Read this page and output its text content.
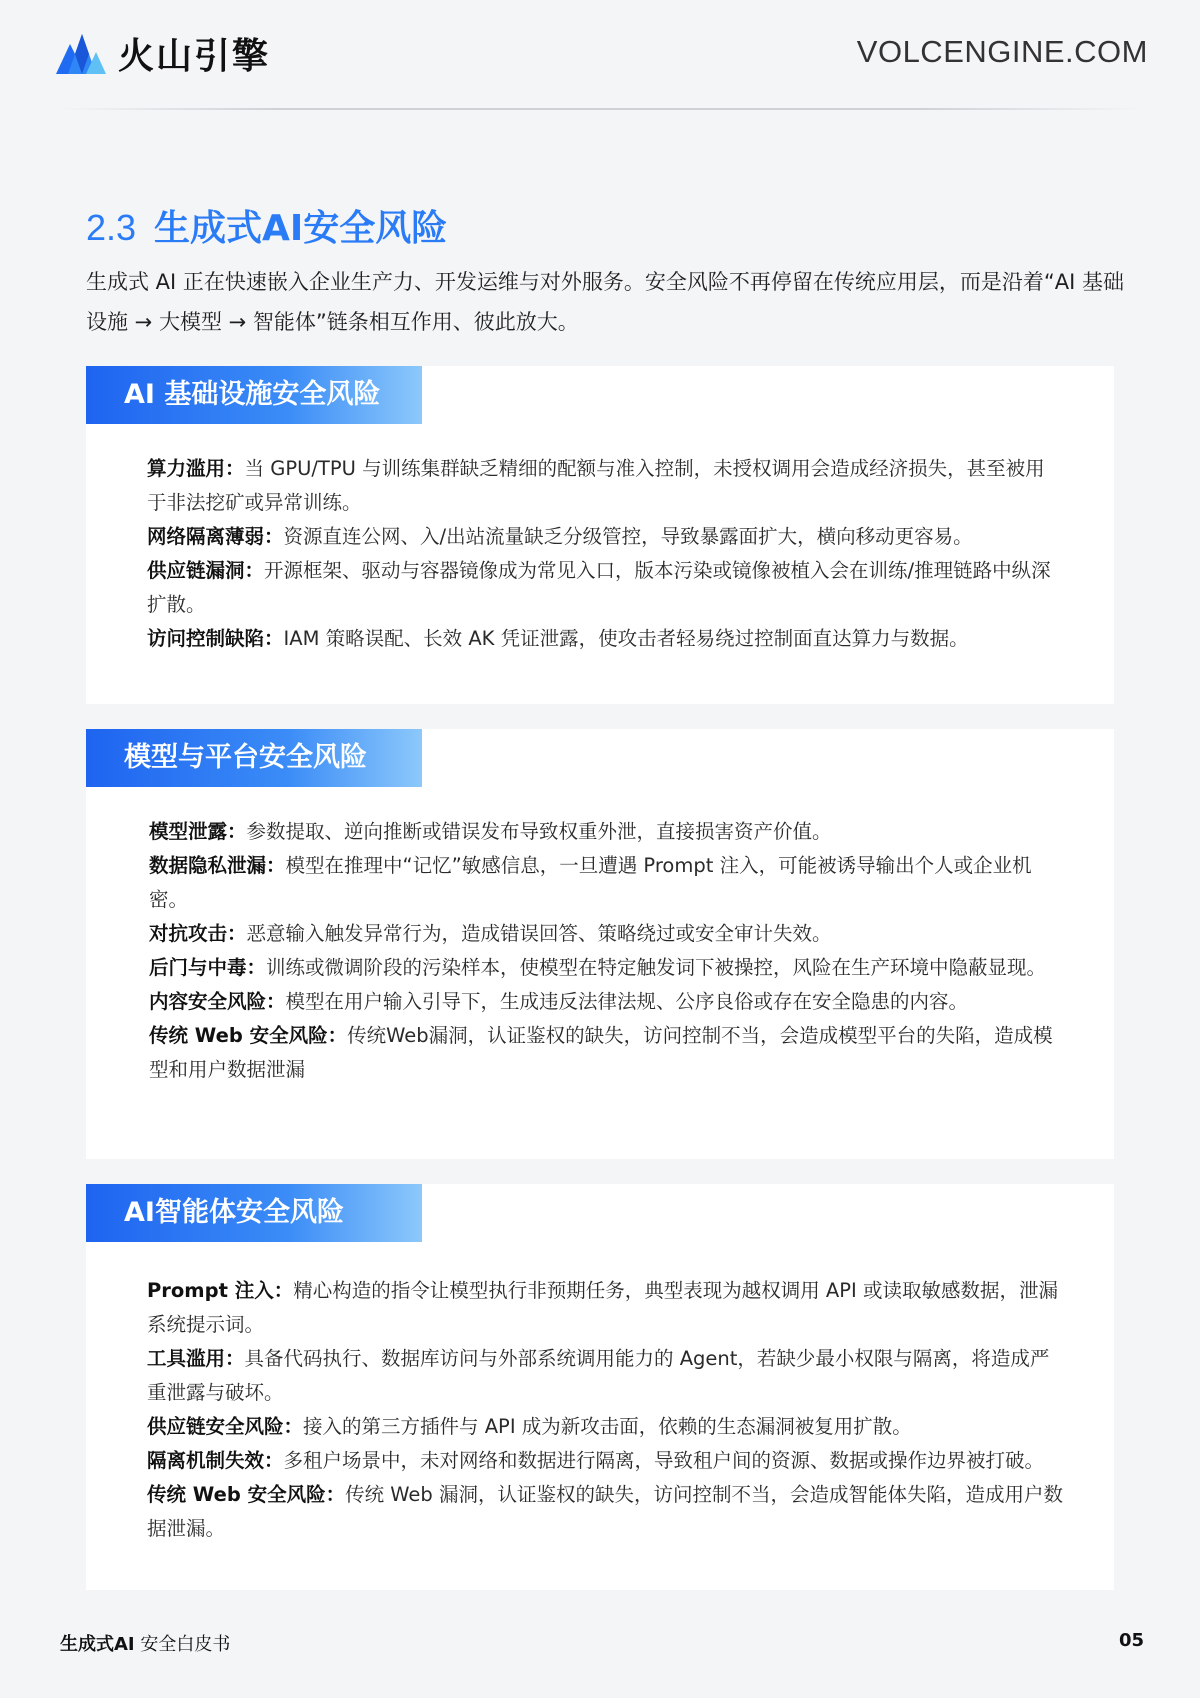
火山引擎	VOLCENGINE.COM
2.3 生成式AI安全风险
生成式 AI 正在快速嵌入企业生产力、开发运维与对外服务。安全风险不再停留在传统应用层，而是沿着“AI 基础设施 → 大模型 → 智能体”链条相互作用、彼此放大。
AI 基础设施安全风险

算力滥用：当 GPU/TPU 与训练集群缺乏精细的配额与准入控制，未授权调用会造成经济损失，甚至被用于非法挖矿或异常训练。

网络隔离薄弱：资源直连公网、入/出站流量缺乏分级管控，导致暴露面扩大，横向移动更容易。

供应链漏洞：开源框架、驱动与容器镜像成为常见入口，版本污染或镜像被植入会在训练/推理链路中纵深扩散。

访问控制缺陷：IAM 策略误配、长效 AK 凭证泄露，使攻击者轻易绕过控制面直达算力与数据。

模型与平台安全风险

模型泄露：参数提取、逆向推断或错误发布导致权重外泄，直接损害资产价值。

数据隐私泄漏：模型在推理中“记忆”敏感信息，一旦遭遇 Prompt 注入，可能被诱导输出个人或企业机密。

对抗攻击：恶意输入触发异常行为，造成错误回答、策略绕过或安全审计失效。

后门与中毒：训练或微调阶段的污染样本，使模型在特定触发词下被操控，风险在生产环境中隐蔽显现。

内容安全风险：模型在用户输入引导下，生成违反法律法规、公序良俗或存在安全隐患的内容。

传统 Web 安全风险：传统Web漏洞，认证鉴权的缺失，访问控制不当，会造成模型平台的失陷，造成模型和用户数据泄漏

AI智能体安全风险

Prompt 注入：精心构造的指令让模型执行非预期任务，典型表现为越权调用 API 或读取敏感数据，泄漏系统提示词。

工具滥用：具备代码执行、数据库访问与外部系统调用能力的 Agent，若缺少最小权限与隔离，将造成严重泄露与破坏。

供应链安全风险：接入的第三方插件与 API 成为新攻击面，依赖的生态漏洞被复用扩散。

隔离机制失效：多租户场景中，未对网络和数据进行隔离，导致租户间的资源、数据或操作边界被打破。

传统 Web 安全风险：传统 Web 漏洞，认证鉴权的缺失，访问控制不当，会造成智能体失陷，造成用户数据泄漏。

生成式AI 安全白皮书	05
